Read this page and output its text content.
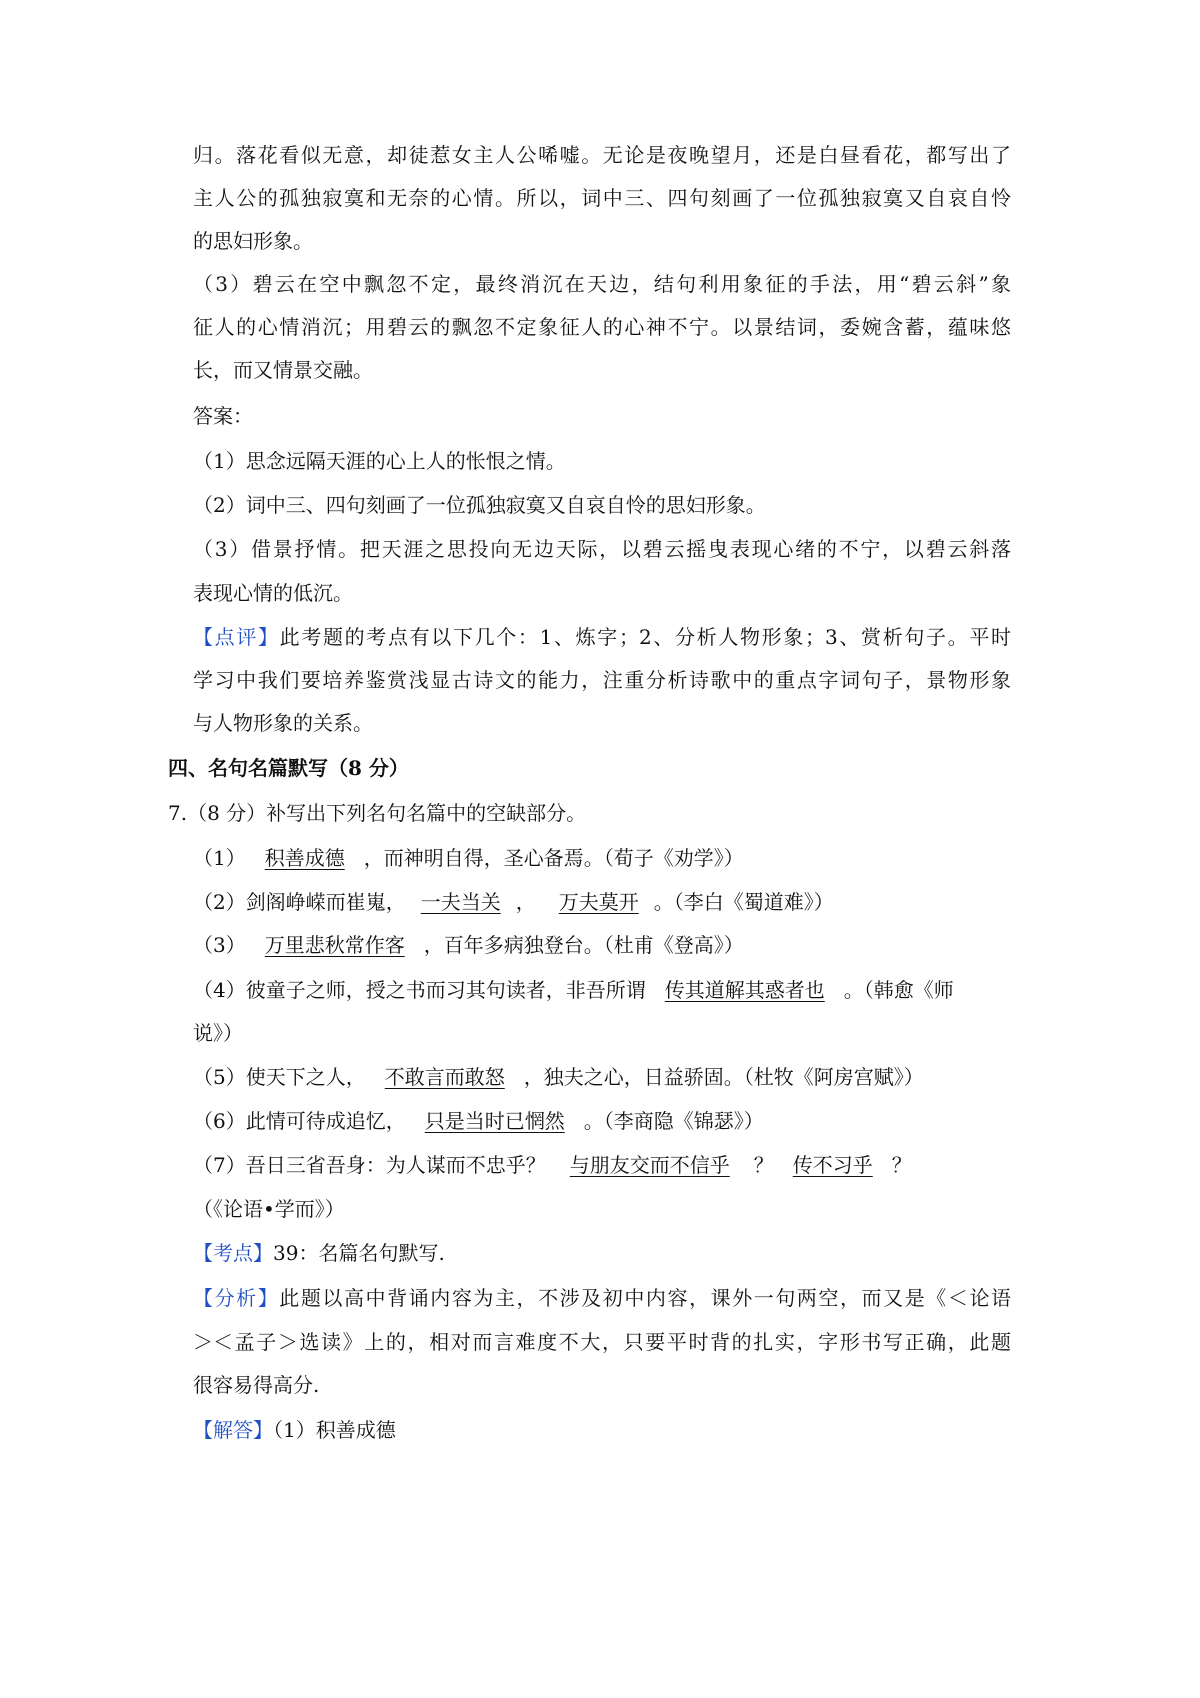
归。落花看似无意，却徒惹女主人公唏嘘。无论是夜晚望月，还是白昼看花，都写出了
主人公的孤独寂寞和无奈的心情。所以，词中三、四句刻画了一位孤独寂寞又自哀自怜
的思妇形象。
（3）碧云在空中飘忽不定，最终消沉在天边，结句利用象征的手法，用“碧云斜”象
征人的心情消沉；用碧云的飘忽不定象征人的心神不宁。以景结词，委婉含蓄，蕴味悠
长，而又情景交融。
答案：
（1）思念远隔天涯的心上人的怅恨之情。
（2）词中三、四句刻画了一位孤独寂寞又自哀自怜的思妇形象。
（3）借景抒情。把天涯之思投向无边天际，以碧云摇曳表现心绪的不宁，以碧云斜落
表现心情的低沉。
【点评】此考题的考点有以下几个：1、炼字；2、分析人物形象；3、赏析句子。平时
学习中我们要培养鉴赏浅显古诗文的能力，注重分析诗歌中的重点字词句子，景物形象
与人物形象的关系。
四、名句名篇默写（8 分）
7.（8 分）补写出下列名句名篇中的空缺部分。
（1） 积善成德 ，而神明自得，圣心备焉。（荀子《劝学》）
（2）剑阁峥嵘而崔嵬， 一夫当关 ， 万夫莫开 。（李白《蜀道难》）
（3） 万里悲秋常作客 ，百年多病独登台。（杜甫《登高》）
（4）彼童子之师，授之书而习其句读者，非吾所谓 传其道解其惑者也 。（韩愈《师
说》）
（5）使天下之人， 不敢言而敢怒 ，独夫之心，日益骄固。（杜牧《阿房宫赋》）
（6）此情可待成追忆， 只是当时已惘然 。（李商隐《锦瑟》）
（7）吾日三省吾身：为人谋而不忠乎？ 与朋友交而不信乎 ？ 传不习乎 ？
（《论语•学而》）
【考点】39：名篇名句默写.
【分析】此题以高中背诵内容为主，不涉及初中内容，课外一句两空，而又是《＜论语
＞＜孟子＞选读》上的，相对而言难度不大，只要平时背的扎实，字形书写正确，此题
很容易得高分.
【解答】（1）积善成德
